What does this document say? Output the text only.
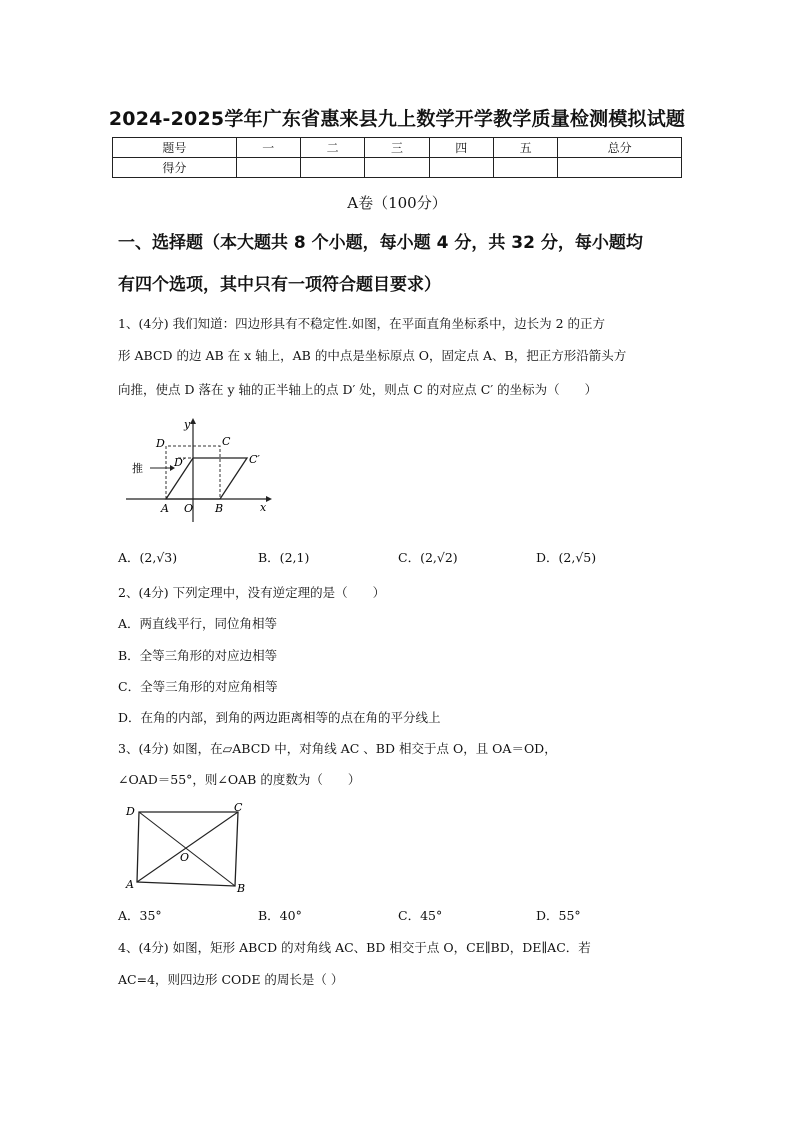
2024-2025学年广东省惠来县九上数学开学教学质量检测模拟试题
题号	一	二	三	四	五	总分
得分						
A卷（100分）
一、选择题（本大题共 8 个小题，每小题 4 分，共 32 分，每小题均
有四个选项，其中只有一项符合题目要求）
1、(4分) 我们知道：四边形具有不稳定性.如图，在平面直角坐标系中，边长为 2 的正方
形 ABCD 的边 AB 在 x 轴上，AB 的中点是坐标原点 O，固定点 A、B，把正方形沿箭头方
向推，使点 D 落在 y 轴的正半轴上的点 D′ 处，则点 C 的对应点 C′ 的坐标为（　　）
D	C
D′	C′
推
A O B	x
y
A．(2,√3)	B．(2,1)	C．(2,√2)	D．(2,√5)
2、(4分) 下列定理中，没有逆定理的是（　　）
A．两直线平行，同位角相等
B．全等三角形的对应边相等
C．全等三角形的对应角相等
D．在角的内部，到角的两边距离相等的点在角的平分线上
3、(4分) 如图，在▱ABCD 中，对角线 AC 、BD 相交于点 O，且 OA＝OD，
∠OAD＝55°，则∠OAB 的度数为（　　）
D	C
O
A	B
A．35°	B．40°	C．45°	D．55°
4、(4分) 如图，矩形 ABCD 的对角线 AC、BD 相交于点 O，CE∥BD，DE∥AC．若
AC=4，则四边形 CODE 的周长是（ ）
